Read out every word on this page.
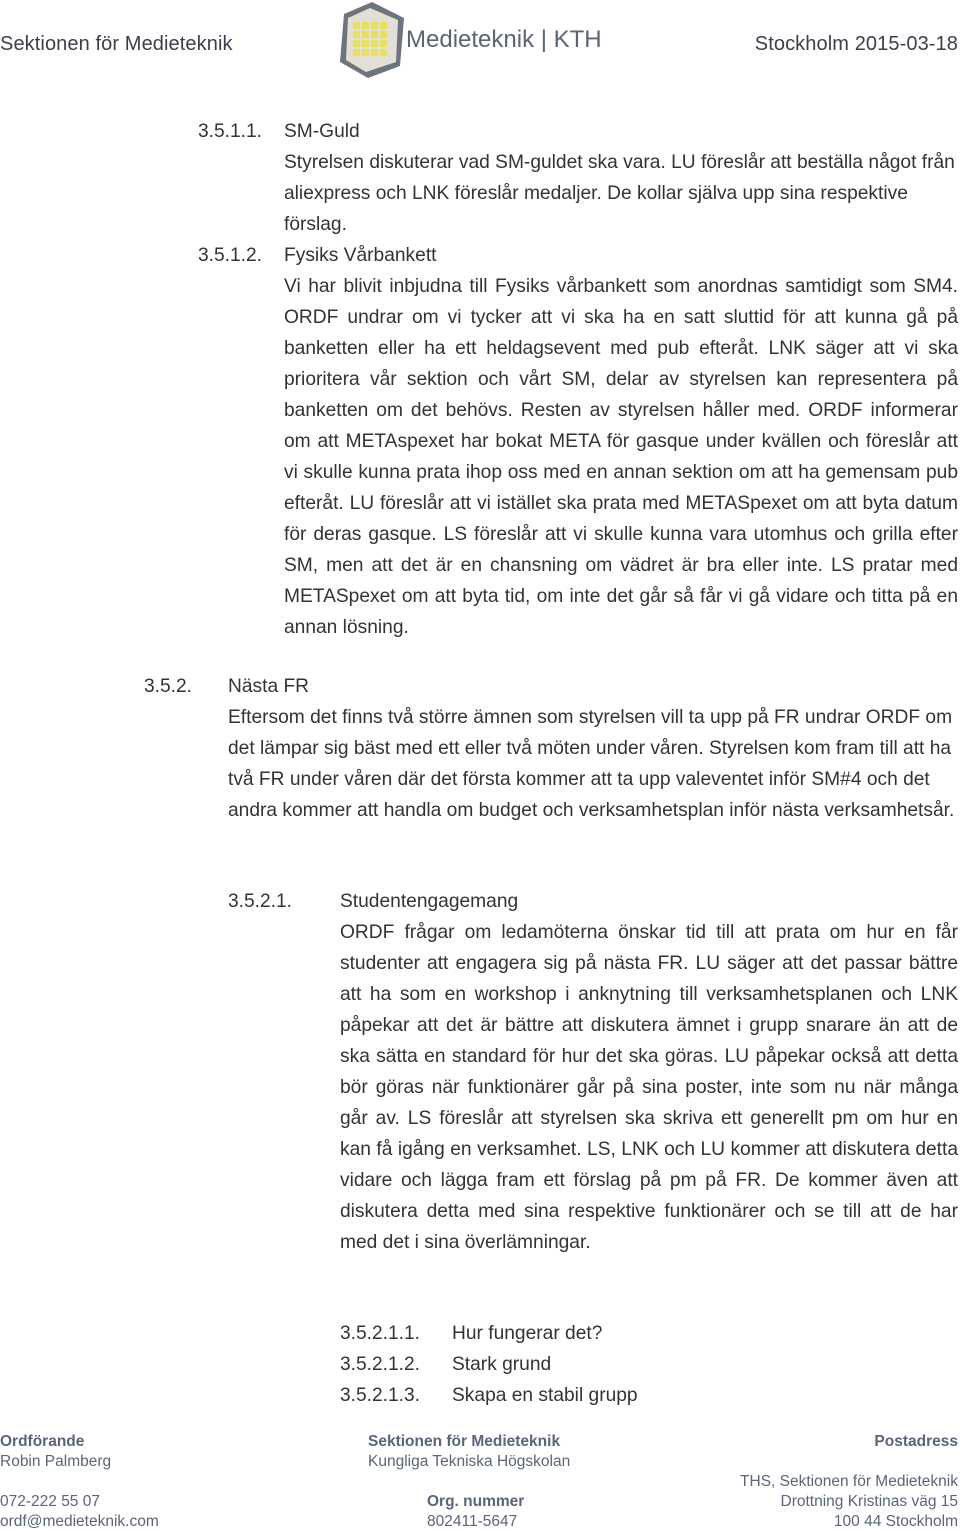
Sektionen för Medieteknik	Medieteknik | KTH	Stockholm 2015-03-18
3.5.1.1. SM-Guld
Styrelsen diskuterar vad SM-guldet ska vara. LU föreslår att beställa något från aliexpress och LNK föreslår medaljer. De kollar själva upp sina respektive förslag.
3.5.1.2. Fysiks Vårbankett
Vi har blivit inbjudna till Fysiks vårbankett som anordnas samtidigt som SM4. ORDF undrar om vi tycker att vi ska ha en satt sluttid för att kunna gå på banketten eller ha ett heldagsevent med pub efteråt. LNK säger att vi ska prioritera vår sektion och vårt SM, delar av styrelsen kan representera på banketten om det behövs. Resten av styrelsen håller med. ORDF informerar om att METAspexet har bokat META för gasque under kvällen och föreslår att vi skulle kunna prata ihop oss med en annan sektion om att ha gemensam pub efteråt. LU föreslår att vi istället ska prata med METASpexet om att byta datum för deras gasque. LS föreslår att vi skulle kunna vara utomhus och grilla efter SM, men att det är en chansning om vädret är bra eller inte. LS pratar med METASpexet om att byta tid, om inte det går så får vi gå vidare och titta på en annan lösning.
3.5.2. Nästa FR
Eftersom det finns två större ämnen som styrelsen vill ta upp på FR undrar ORDF om det lämpar sig bäst med ett eller två möten under våren. Styrelsen kom fram till att ha två FR under våren där det första kommer att ta upp valeventet inför SM#4 och det andra kommer att handla om budget och verksamhetsplan inför nästa verksamhetsår.
3.5.2.1. Studentengagemang
ORDF frågar om ledamöterna önskar tid till att prata om hur en får studenter att engagera sig på nästa FR. LU säger att det passar bättre att ha som en workshop i anknytning till verksamhetsplanen och LNK påpekar att det är bättre att diskutera ämnet i grupp snarare än att de ska sätta en standard för hur det ska göras. LU påpekar också att detta bör göras när funktionärer går på sina poster, inte som nu när många går av. LS föreslår att styrelsen ska skriva ett generellt pm om hur en kan få igång en verksamhet. LS, LNK och LU kommer att diskutera detta vidare och lägga fram ett förslag på pm på FR. De kommer även att diskutera detta med sina respektive funktionärer och se till att de har med det i sina överlämningar.
3.5.2.1.1. Hur fungerar det?
3.5.2.1.2. Stark grund
3.5.2.1.3. Skapa en stabil grupp
Ordförande
Robin Palmberg
072-222 55 07
ordf@medieteknik.com
Sektionen för Medieteknik
Kungliga Tekniska Högskolan
Org. nummer
802411-5647
Postadress
THS, Sektionen för Medieteknik
Drottning Kristinas väg 15
100 44 Stockholm
